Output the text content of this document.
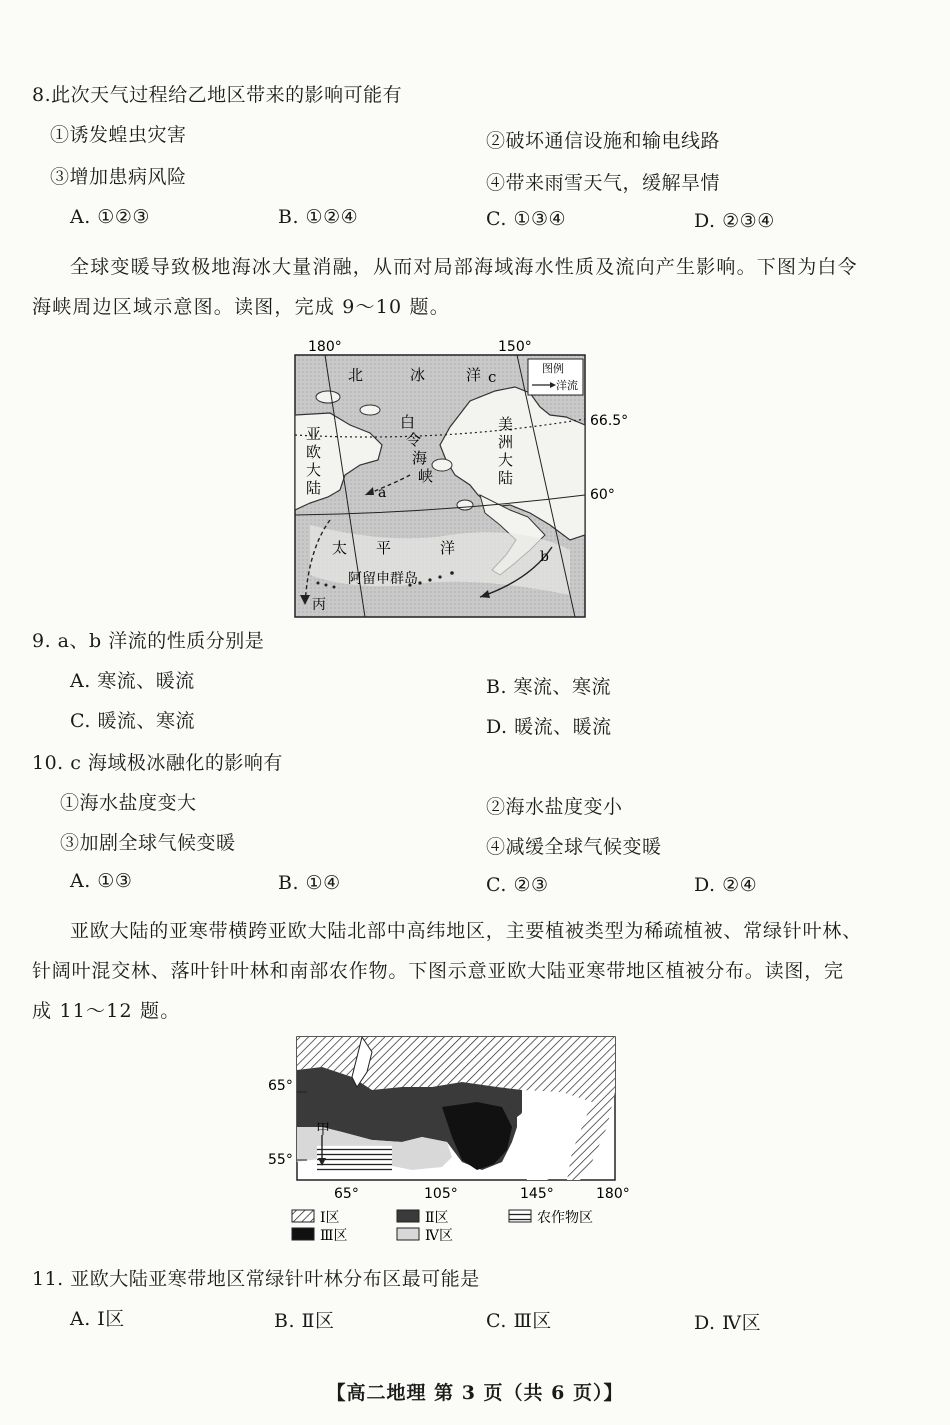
8.此次天气过程给乙地区带来的影响可能有
①诱发蝗虫灾害	②破坏通信设施和输电线路
③增加患病风险	④带来雨雪天气，缓解旱情
A. ①②③	B. ①②④	C. ①③④	D. ②③④
全球变暖导致极地海冰大量消融，从而对局部海域海水性质及流向产生影响。下图为白令
海峡周边区域示意图。读图，完成 9～10 题。
180°	150°
66.5°
60°
图例
洋流
北	冰	洋 c
亚
欧
大
陆
白
令
海
峡
美
洲
大
陆
a
b
太 平	洋
阿留申群岛
丙
9. a、b 洋流的性质分别是
A. 寒流、暖流	B. 寒流、寒流
C. 暖流、寒流	D. 暖流、暖流
10. c 海域极冰融化的影响有
①海水盐度变大	②海水盐度变小
③加剧全球气候变暖	④减缓全球气候变暖
A. ①③	B. ①④	C. ②③	D. ②④
亚欧大陆的亚寒带横跨亚欧大陆北部中高纬地区，主要植被类型为稀疏植被、常绿针叶林、
针阔叶混交林、落叶针叶林和南部农作物。下图示意亚欧大陆亚寒带地区植被分布。读图，完
成 11～12 题。
65°
55°
65°	105°	145°	180°
甲
Ⅰ区	Ⅱ区	农作物区
Ⅲ区	Ⅳ区
11. 亚欧大陆亚寒带地区常绿针叶林分布区最可能是
A. Ⅰ区	B. Ⅱ区	C. Ⅲ区	D. Ⅳ区
【高二地理 第 3 页（共 6 页）】
